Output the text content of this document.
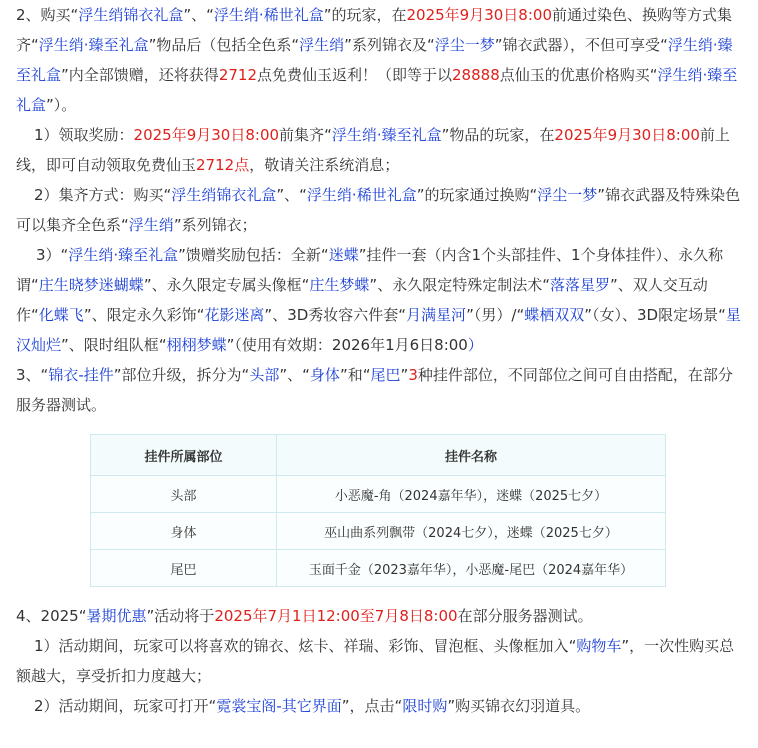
2、购买“浮生绡锦衣礼盒”、“浮生绡·稀世礼盒”的玩家，在2025年9月30日8:00前通过染色、换购等方式集齐“浮生绡·臻至礼盒”物品后（包括全色系“浮生绡”系列锦衣及“浮尘一梦”锦衣武器），不但可享受“浮生绡·臻至礼盒”内全部馈赠，还将获得2712点免费仙玉返利！（即等于以28888点仙玉的优惠价格购买“浮生绡·臻至礼盒”）。

1）领取奖励：2025年9月30日8:00前集齐“浮生绡·臻至礼盒”物品的玩家，在2025年9月30日8:00前上线，即可自动领取免费仙玉2712点，敬请关注系统消息；

2）集齐方式：购买“浮生绡锦衣礼盒”、“浮生绡·稀世礼盒”的玩家通过换购“浮尘一梦”锦衣武器及特殊染色可以集齐全色系“浮生绡”系列锦衣；

3）“浮生绡·臻至礼盒”馈赠奖励包括：全新“迷蝶”挂件一套（内含1个头部挂件、1个身体挂件）、永久称谓“庄生晓梦迷蝴蝶”、永久限定专属头像框“庄生梦蝶”、永久限定特殊定制法术“落落星罗”、双人交互动作“化蝶飞”、限定永久彩饰“花影迷离”、3D秀妆容六件套“月满星河”（男）/“蝶栖双双”（女）、3D限定场景“星汉灿烂”、限时组队框“栩栩梦蝶”（使用有效期：2026年1月6日8:00）

3、“锦衣-挂件”部位升级，拆分为“头部”、“身体”和“尾巴”3种挂件部位，不同部位之间可自由搭配，在部分服务器测试。

挂件所属部位	挂件名称
头部	小恶魔-角（2024嘉年华），迷蝶（2025七夕）
身体	巫山曲系列飘带（2024七夕），迷蝶（2025七夕）
尾巴	玉面千金（2023嘉年华），小恶魔-尾巴（2024嘉年华）

4、2025“暑期优惠”活动将于2025年7月1日12:00至7月8日8:00在部分服务器测试。

1）活动期间，玩家可以将喜欢的锦衣、炫卡、祥瑞、彩饰、冒泡框、头像框加入“购物车”，一次性购买总额越大，享受折扣力度越大；

2）活动期间，玩家可打开“霓裳宝阁-其它界面”，点击“限时购”购买锦衣幻羽道具。
